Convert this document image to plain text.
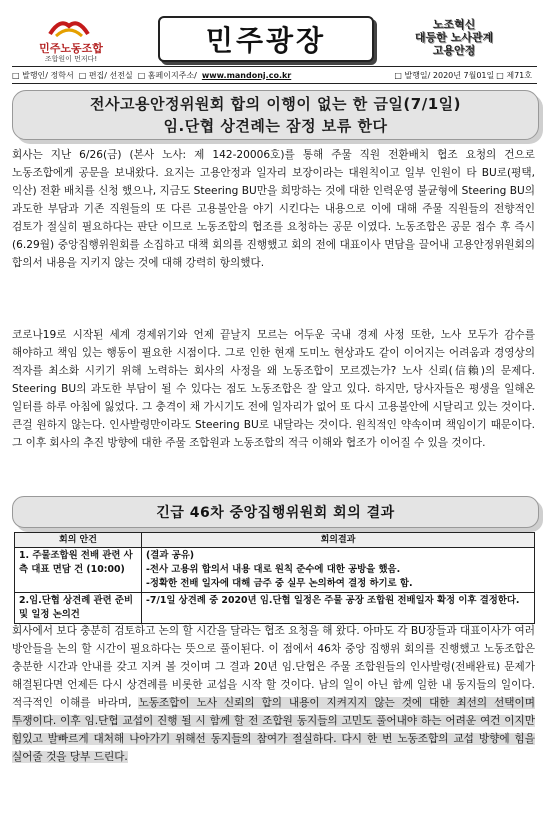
민주노동조합
조합원이 먼저다!
민주광장	노조혁신
대등한 노사관계
고용안정
□ 발행인/ 정학서 □ 편집/ 선전실 □ 홈페이지주소/ www.mandonj.co.kr	□ 발행일/ 2020년 7월01일 □ 제71호
전사고용안정위원회 합의 이행이 없는 한 금일(7/1일)
임.단협 상견례는 잠정 보류 한다
회사는 지난 6/26(금) (본사 노사: 제 142-20006호)를 통해 주물 직원 전환배치 협조 요청의 건으로 노동조합에게 공문을 보내왔다. 요지는 고용안정과 일자리 보장이라는 대원칙이고 일부 인원이 타 BU로(평택, 익산) 전환 배치를 신청 했으나, 지금도 Steering BU만을 희망하는 것에 대한 인력운영 불균형에 Steering BU의 과도한 부담과 기존 직원들의 또 다른 고용불안을 야기 시킨다는 내용으로 이에 대해 주물 직원들의 전향적인 검토가 절실히 필요하다는 판단 이므로 노동조합의 협조를 요청하는 공문 이였다. 노동조합은 공문 접수 후 즉시 (6.29월) 중앙집행위원회를 소집하고 대책 회의를 진행했고 회의 전에 대표이사 면담을 끌어내 고용안정위원회의 합의서 내용을 지키지 않는 것에 대해 강력히 항의했다.
코로나19로 시작된 세계 경제위기와 언제 끝날지 모르는 어두운 국내 경제 사정 또한, 노사 모두가 감수를 해야하고 책임 있는 행동이 필요한 시점이다. 그로 인한 현재 도미노 현상과도 같이 이어지는 어려움과 경영상의 적자를 최소화 시키기 위해 노력하는 회사의 사정을 왜 노동조합이 모르겠는가? 노사 신뢰(信賴)의 문제다. Steering BU의 과도한 부담이 될 수 있다는 점도 노동조합은 잘 알고 있다. 하지만, 당사자들은 평생을 일해온 일터를 하루 아침에 잃었다. 그 충격이 채 가시기도 전에 일자리가 없어 또 다시 고용불안에 시달리고 있는 것이다. 큰걸 원하지 않는다. 인사발령만이라도 Steering BU로 내달라는 것이다. 원칙적인 약속이며 책임이기 때문이다. 그 이후 회사의 추진 방향에 대한 주물 조합원과 노동조합의 적극 이해와 협조가 이어질 수 있을 것이다.
긴급 46차 중앙집행위원회 회의 결과
회의 안건	회의결과
1. 주물조합원 전배 관련 사측 대표 면담 건 (10:00)	(결과 공유)
-전사 고용위 합의서 내용 대로 원칙 준수에 대한 공방을 했음.
-정확한 전배 일자에 대해 금주 중 실무 논의하여 결정 하기로 함.

2.임.단협 상견례 관련 준비 및 일정 논의건	-7/1일 상견례 중 2020년 임.단협 일정은 주물 공장 조합원 전배일자 확정 이후 결정한다.
회사에서 보다 충분히 검토하고 논의 할 시간을 달라는 협조 요청을 해 왔다. 아마도 각 BU장들과 대표이사가 여러 방안들을 논의 할 시간이 필요하다는 뜻으로 풀이된다. 이 점에서 46차 중앙 집행위 회의를 진행했고 노동조합은 충분한 시간과 안내를 갖고 지켜 볼 것이며 그 결과 20년 임.단협은 주물 조합원들의 인사발령(전배완료) 문제가 해결된다면 언제든 다시 상견례를 비롯한 교섭을 시작 할 것이다. 남의 일이 아닌 함께 일한 내 동지들의 일이다. 적극적인 이해를 바라며, 노동조합이 노사 신뢰의 합의 내용이 지켜지지 않는 것에 대한 최선의 선택이며 투쟁이다. 이후 임.단협 교섭이 진행 될 시 함께 할 전 조합원 동지들의 고민도 풀어내야 하는 어려운 여건 이지만 힘있고 발빠르게 대처해 나아가기 위해선 동지들의 참여가 절실하다. 다시 한 번 노동조합의 교섭 방향에 힘을 실어줄 것을 당부 드린다.
